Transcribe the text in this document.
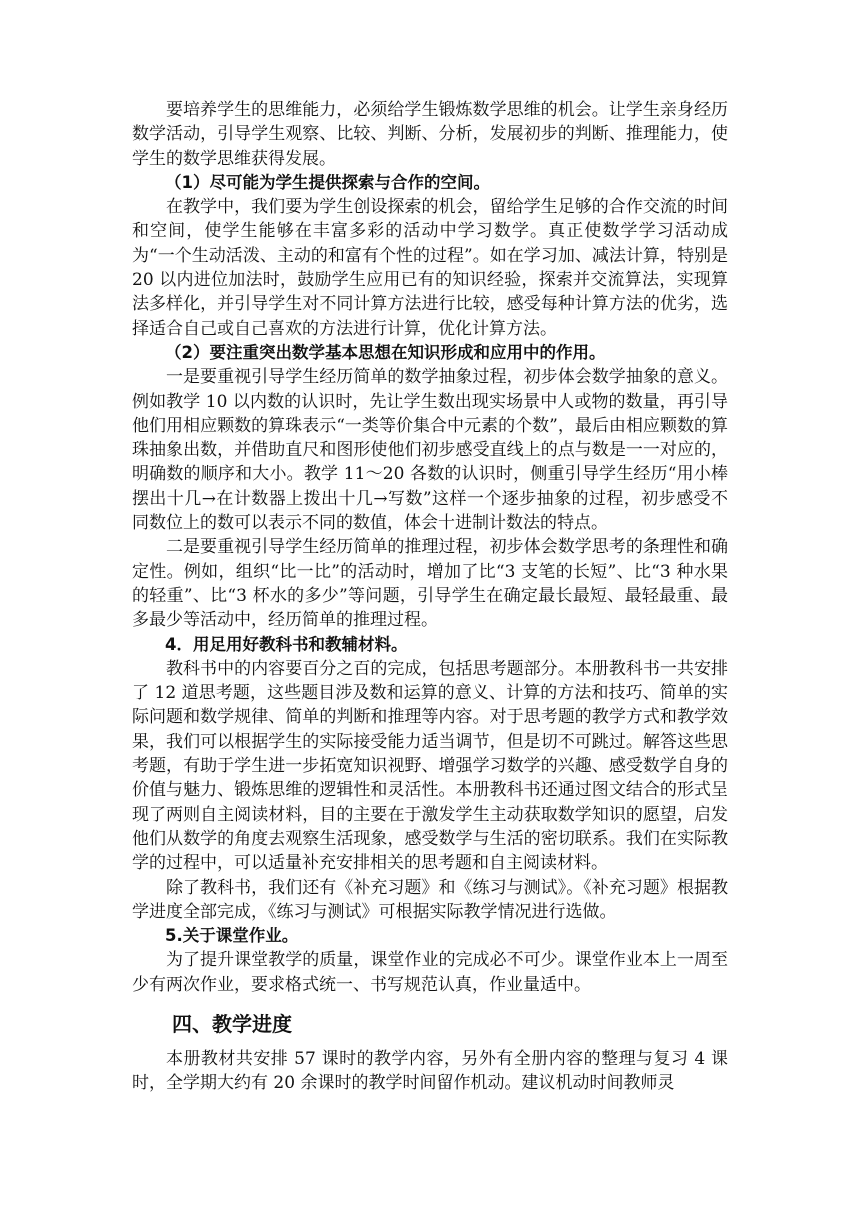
要培养学生的思维能力，必须给学生锻炼数学思维的机会。让学生亲身经历数学活动，引导学生观察、比较、判断、分析，发展初步的判断、推理能力，使学生的数学思维获得发展。

（1）尽可能为学生提供探索与合作的空间。

在教学中，我们要为学生创设探索的机会，留给学生足够的合作交流的时间和空间，使学生能够在丰富多彩的活动中学习数学。真正使数学学习活动成为“一个生动活泼、主动的和富有个性的过程”。如在学习加、减法计算，特别是 20 以内进位加法时，鼓励学生应用已有的知识经验，探索并交流算法，实现算法多样化，并引导学生对不同计算方法进行比较，感受每种计算方法的优劣，选择适合自己或自己喜欢的方法进行计算，优化计算方法。

（2）要注重突出数学基本思想在知识形成和应用中的作用。

一是要重视引导学生经历简单的数学抽象过程，初步体会数学抽象的意义。例如教学 10 以内数的认识时，先让学生数出现实场景中人或物的数量，再引导他们用相应颗数的算珠表示“一类等价集合中元素的个数”，最后由相应颗数的算珠抽象出数，并借助直尺和图形使他们初步感受直线上的点与数是一一对应的，明确数的顺序和大小。教学 11～20 各数的认识时，侧重引导学生经历“用小棒摆出十几→在计数器上拨出十几→写数”这样一个逐步抽象的过程，初步感受不同数位上的数可以表示不同的数值，体会十进制计数法的特点。

二是要重视引导学生经历简单的推理过程，初步体会数学思考的条理性和确定性。例如，组织“比一比”的活动时，增加了比“3 支笔的长短”、比“3 种水果的轻重”、比“3 杯水的多少”等问题，引导学生在确定最长最短、最轻最重、最多最少等活动中，经历简单的推理过程。

4．用足用好教科书和教辅材料。

教科书中的内容要百分之百的完成，包括思考题部分。本册教科书一共安排了 12 道思考题，这些题目涉及数和运算的意义、计算的方法和技巧、简单的实际问题和数学规律、简单的判断和推理等内容。对于思考题的教学方式和教学效果，我们可以根据学生的实际接受能力适当调节，但是切不可跳过。解答这些思考题，有助于学生进一步拓宽知识视野、增强学习数学的兴趣、感受数学自身的价值与魅力、锻炼思维的逻辑性和灵活性。本册教科书还通过图文结合的形式呈现了两则自主阅读材料，目的主要在于激发学生主动获取数学知识的愿望，启发他们从数学的角度去观察生活现象，感受数学与生活的密切联系。我们在实际教学的过程中，可以适量补充安排相关的思考题和自主阅读材料。

除了教科书，我们还有《补充习题》和《练习与测试》。《补充习题》根据教学进度全部完成，《练习与测试》可根据实际教学情况进行选做。

5.关于课堂作业。

为了提升课堂教学的质量，课堂作业的完成必不可少。课堂作业本上一周至少有两次作业，要求格式统一、书写规范认真，作业量适中。

四、教学进度

本册教材共安排 57 课时的教学内容，另外有全册内容的整理与复习 4 课时，全学期大约有 20 余课时的教学时间留作机动。建议机动时间教师灵
